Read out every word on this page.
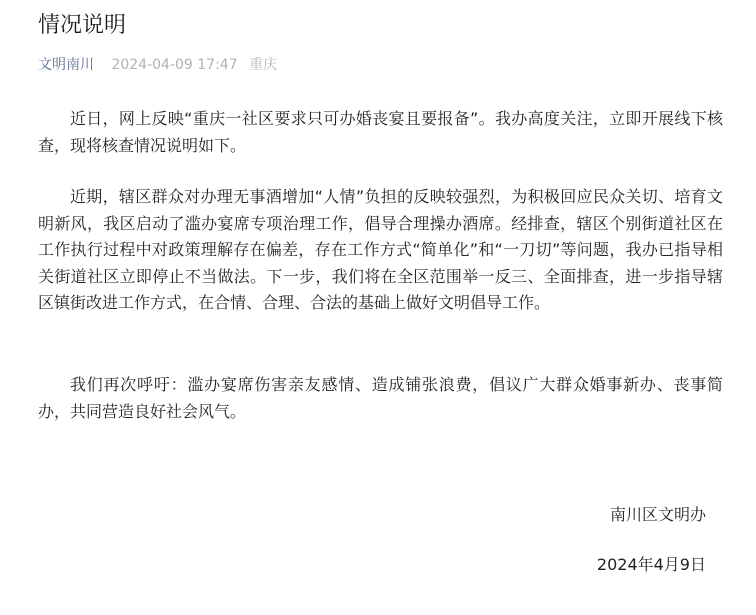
情况说明
文明南川 2024-04-09 17:47 重庆

近日，网上反映“重庆一社区要求只可办婚丧宴且要报备”。我办高度关注，立即开展线下核查，现将核查情况说明如下。

近期，辖区群众对办理无事酒增加“人情”负担的反映较强烈，为积极回应民众关切、培育文明新风，我区启动了滥办宴席专项治理工作，倡导合理操办酒席。经排查，辖区个别街道社区在工作执行过程中对政策理解存在偏差，存在工作方式“简单化”和“一刀切”等问题，我办已指导相关街道社区立即停止不当做法。下一步，我们将在全区范围举一反三、全面排查，进一步指导辖区镇街改进工作方式，在合情、合理、合法的基础上做好文明倡导工作。

我们再次呼吁：滥办宴席伤害亲友感情、造成铺张浪费，倡议广大群众婚事新办、丧事简办，共同营造良好社会风气。

南川区文明办
2024年4月9日
